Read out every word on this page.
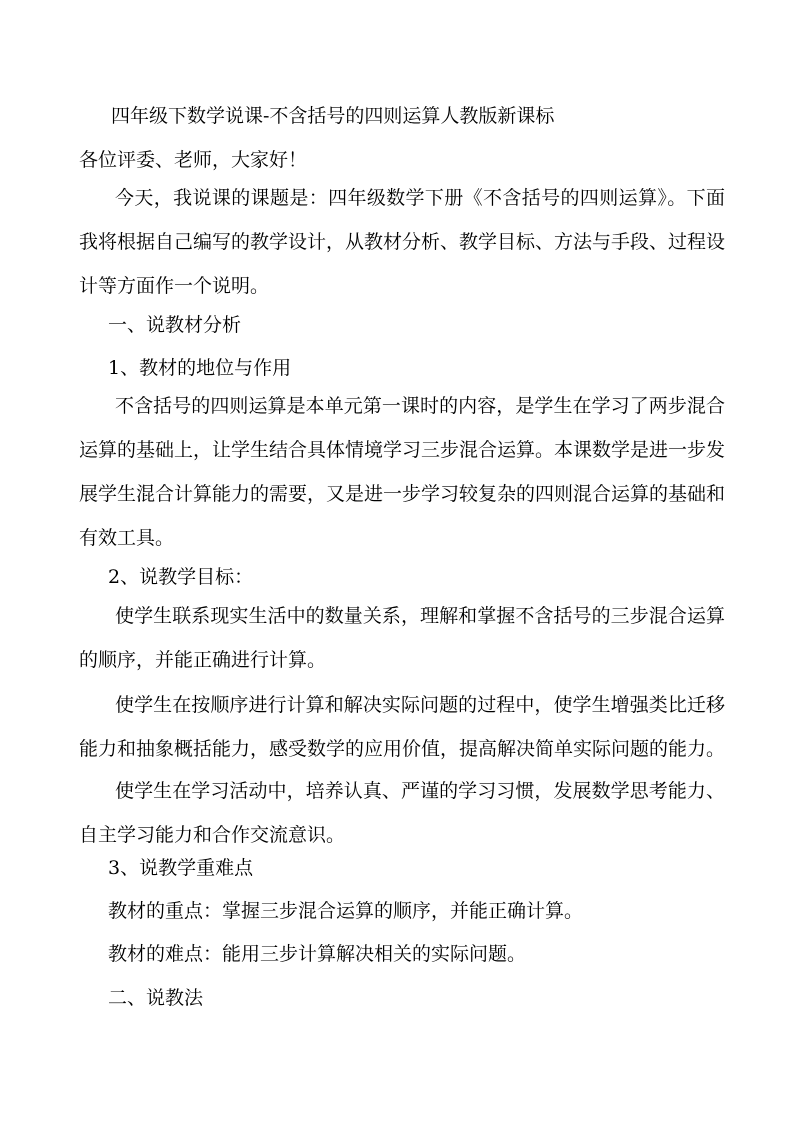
四年级下数学说课-不含括号的四则运算人教版新课标
各位评委、老师，大家好！

今天，我说课的课题是：四年级数学下册《不含括号的四则运算》。下面我将根据自己编写的教学设计，从教材分析、教学目标、方法与手段、过程设计等方面作一个说明。

一、说教材分析
1、教材的地位与作用

不含括号的四则运算是本单元第一课时的内容，是学生在学习了两步混合运算的基础上，让学生结合具体情境学习三步混合运算。本课数学是进一步发展学生混合计算能力的需要，又是进一步学习较复杂的四则混合运算的基础和有效工具。

2、说教学目标：

使学生联系现实生活中的数量关系，理解和掌握不含括号的三步混合运算的顺序，并能正确进行计算。

使学生在按顺序进行计算和解决实际问题的过程中，使学生增强类比迁移能力和抽象概括能力，感受数学的应用价值，提高解决简单实际问题的能力。

使学生在学习活动中，培养认真、严谨的学习习惯，发展数学思考能力、自主学习能力和合作交流意识。

3、说教学重难点
教材的重点：掌握三步混合运算的顺序，并能正确计算。
教材的难点：能用三步计算解决相关的实际问题。
二、说教法
